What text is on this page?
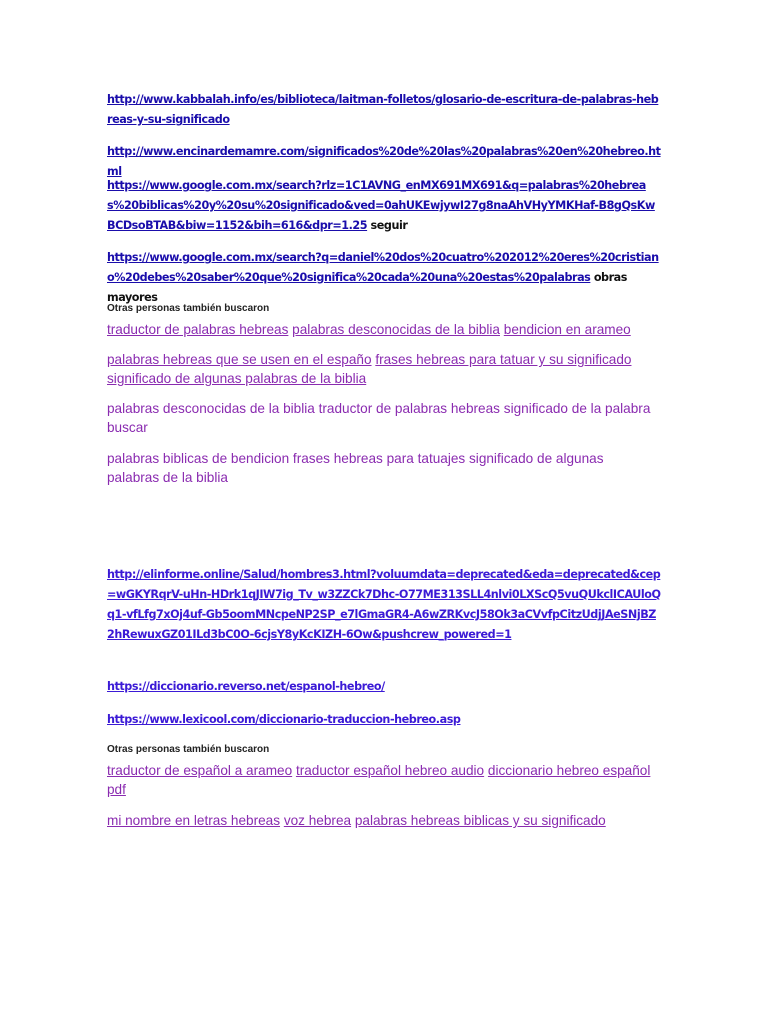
http://www.kabbalah.info/es/biblioteca/laitman-folletos/glosario-de-escritura-de-palabras-hebreas-y-su-significado

http://www.encinardemamre.com/significados%20de%20las%20palabras%20en%20hebreo.html

https://www.google.com.mx/search?rlz=1C1AVNG_enMX691MX691&q=palabras%20hebreas%20biblicas%20y%20su%20significado&ved=0ahUKEwjywI27g8naAhVHyYMKHaf-B8gQsKwBCDsoBTAB&biw=1152&bih=616&dpr=1.25 seguir

https://www.google.com.mx/search?q=daniel%20dos%20cuatro%202012%20eres%20cristiano%20debes%20saber%20que%20significa%20cada%20una%20estas%20palabras obras mayores

Otras personas también buscaron

traductor de palabras hebreas palabras desconocidas de la biblia bendicion en arameo

palabras hebreas que se usen en el españo frases hebreas para tatuar y su significado significado de algunas palabras de la biblia

palabras desconocidas de la biblia traductor de palabras hebreas significado de la palabra buscar

palabras biblicas de bendicion frases hebreas para tatuajes significado de algunas palabras de la biblia

http://elinforme.online/Salud/hombres3.html?voluumdata=deprecated&eda=deprecated&cep=wGKYRqrV-uHn-HDrk1qJIW7ig_Tv_w3ZZCk7Dhc-O77ME313SLL4nlvi0LXScQ5vuQUkclICAUloQq1-vfLfg7xOj4uf-Gb5oomMNcpeNP2SP_e7lGmaGR4-A6wZRKvcJ58Ok3aCVvfpCitzUdjJAeSNjBZ2hRewuxGZ01ILd3bC0O-6cjsY8yKcKIZH-6Ow&pushcrew_powered=1

https://diccionario.reverso.net/espanol-hebreo/

https://www.lexicool.com/diccionario-traduccion-hebreo.asp

Otras personas también buscaron

traductor de español a arameo traductor español hebreo audio diccionario hebreo español pdf

mi nombre en letras hebreas voz hebrea palabras hebreas biblicas y su significado
